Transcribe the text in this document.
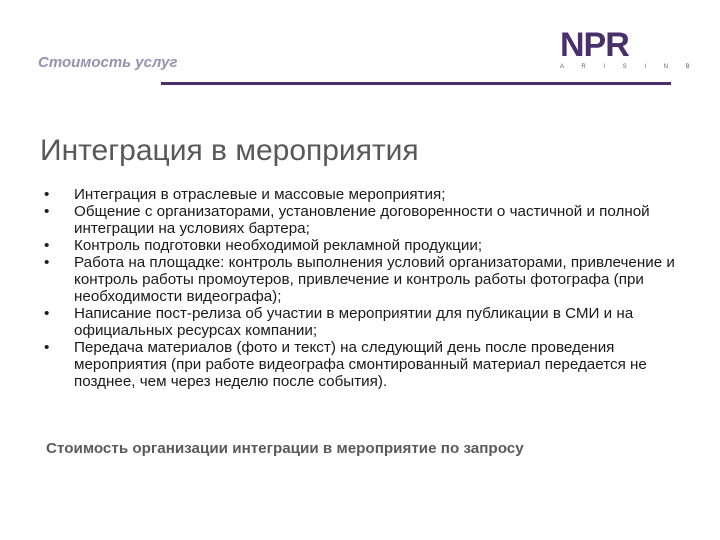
Стоимость услуг	NPR
A R I S I N B
Интеграция в мероприятия
• Интеграция в отраслевые и массовые мероприятия;
• Общение с организаторами, установление договоренности о частичной и полной интеграции на условиях бартера;
• Контроль подготовки необходимой рекламной продукции;
• Работа на площадке: контроль выполнения условий организаторами, привлечение и контроль работы промоутеров, привлечение и контроль работы фотографа (при необходимости видеографа);
• Написание пост-релиза об участии в мероприятии для публикации в СМИ и на официальных ресурсах компании;
• Передача материалов (фото и текст) на следующий день после проведения мероприятия (при работе видеографа смонтированный материал передается не позднее, чем через неделю после события).
Стоимость организации интеграции в мероприятие по запросу
